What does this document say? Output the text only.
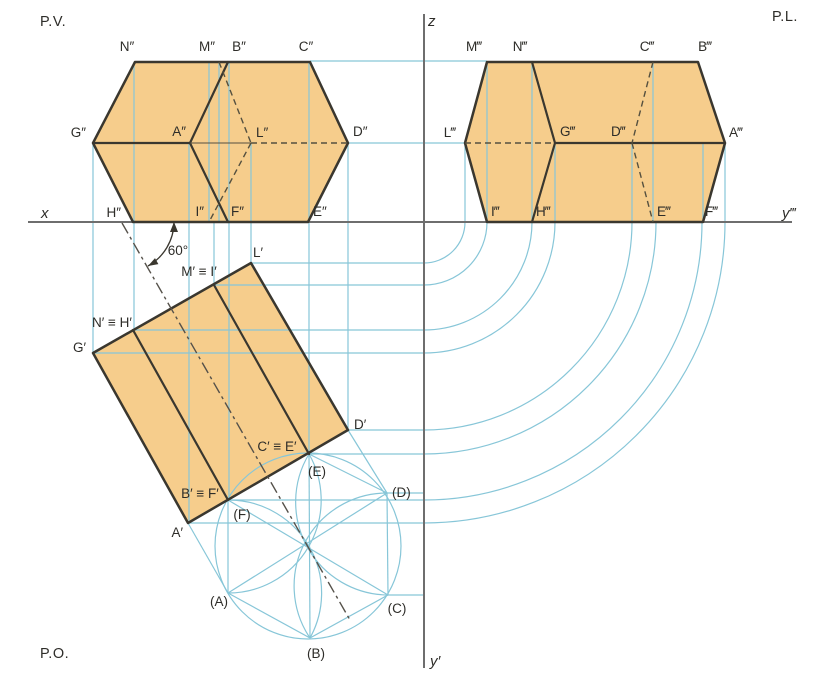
P.V.	P.L.
P.O.
x
z
y′
y‴
N″	M″ B″	C″
G″	A″	L″	D″
H″	I″ F″	E″
M‴ N‴	C‴	B‴
L‴	G‴	D‴	A‴
I‴	H‴	E‴	F‴
60°	L′
M′ ≡ I′
N′ ≡ H′
G′
D′
C′ ≡ E′
(E)
B′ ≡ F′
(F)
A′
(D)
(A)
(B)
(C)
